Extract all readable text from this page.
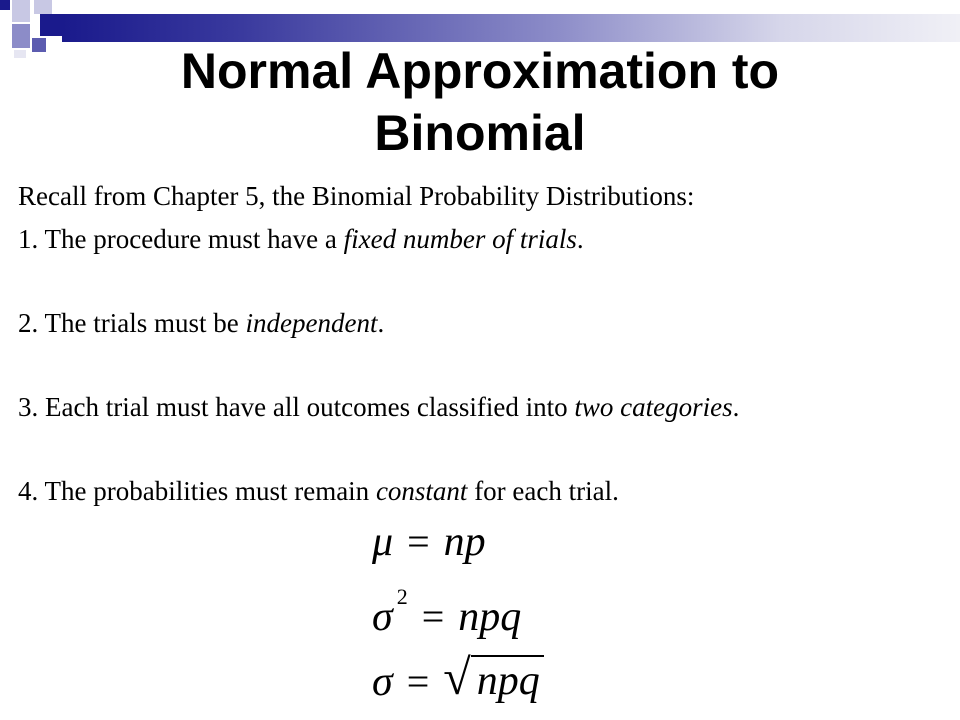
Normal Approximation to
Binomial
Recall from Chapter 5, the Binomial Probability Distributions:
1. The procedure must have a fixed number of trials.
2. The trials must be independent.
3. Each trial must have all outcomes classified into two categories.
4. The probabilities must remain constant for each trial.
μ = np
σ $^2$ = npq
σ = √ npq
